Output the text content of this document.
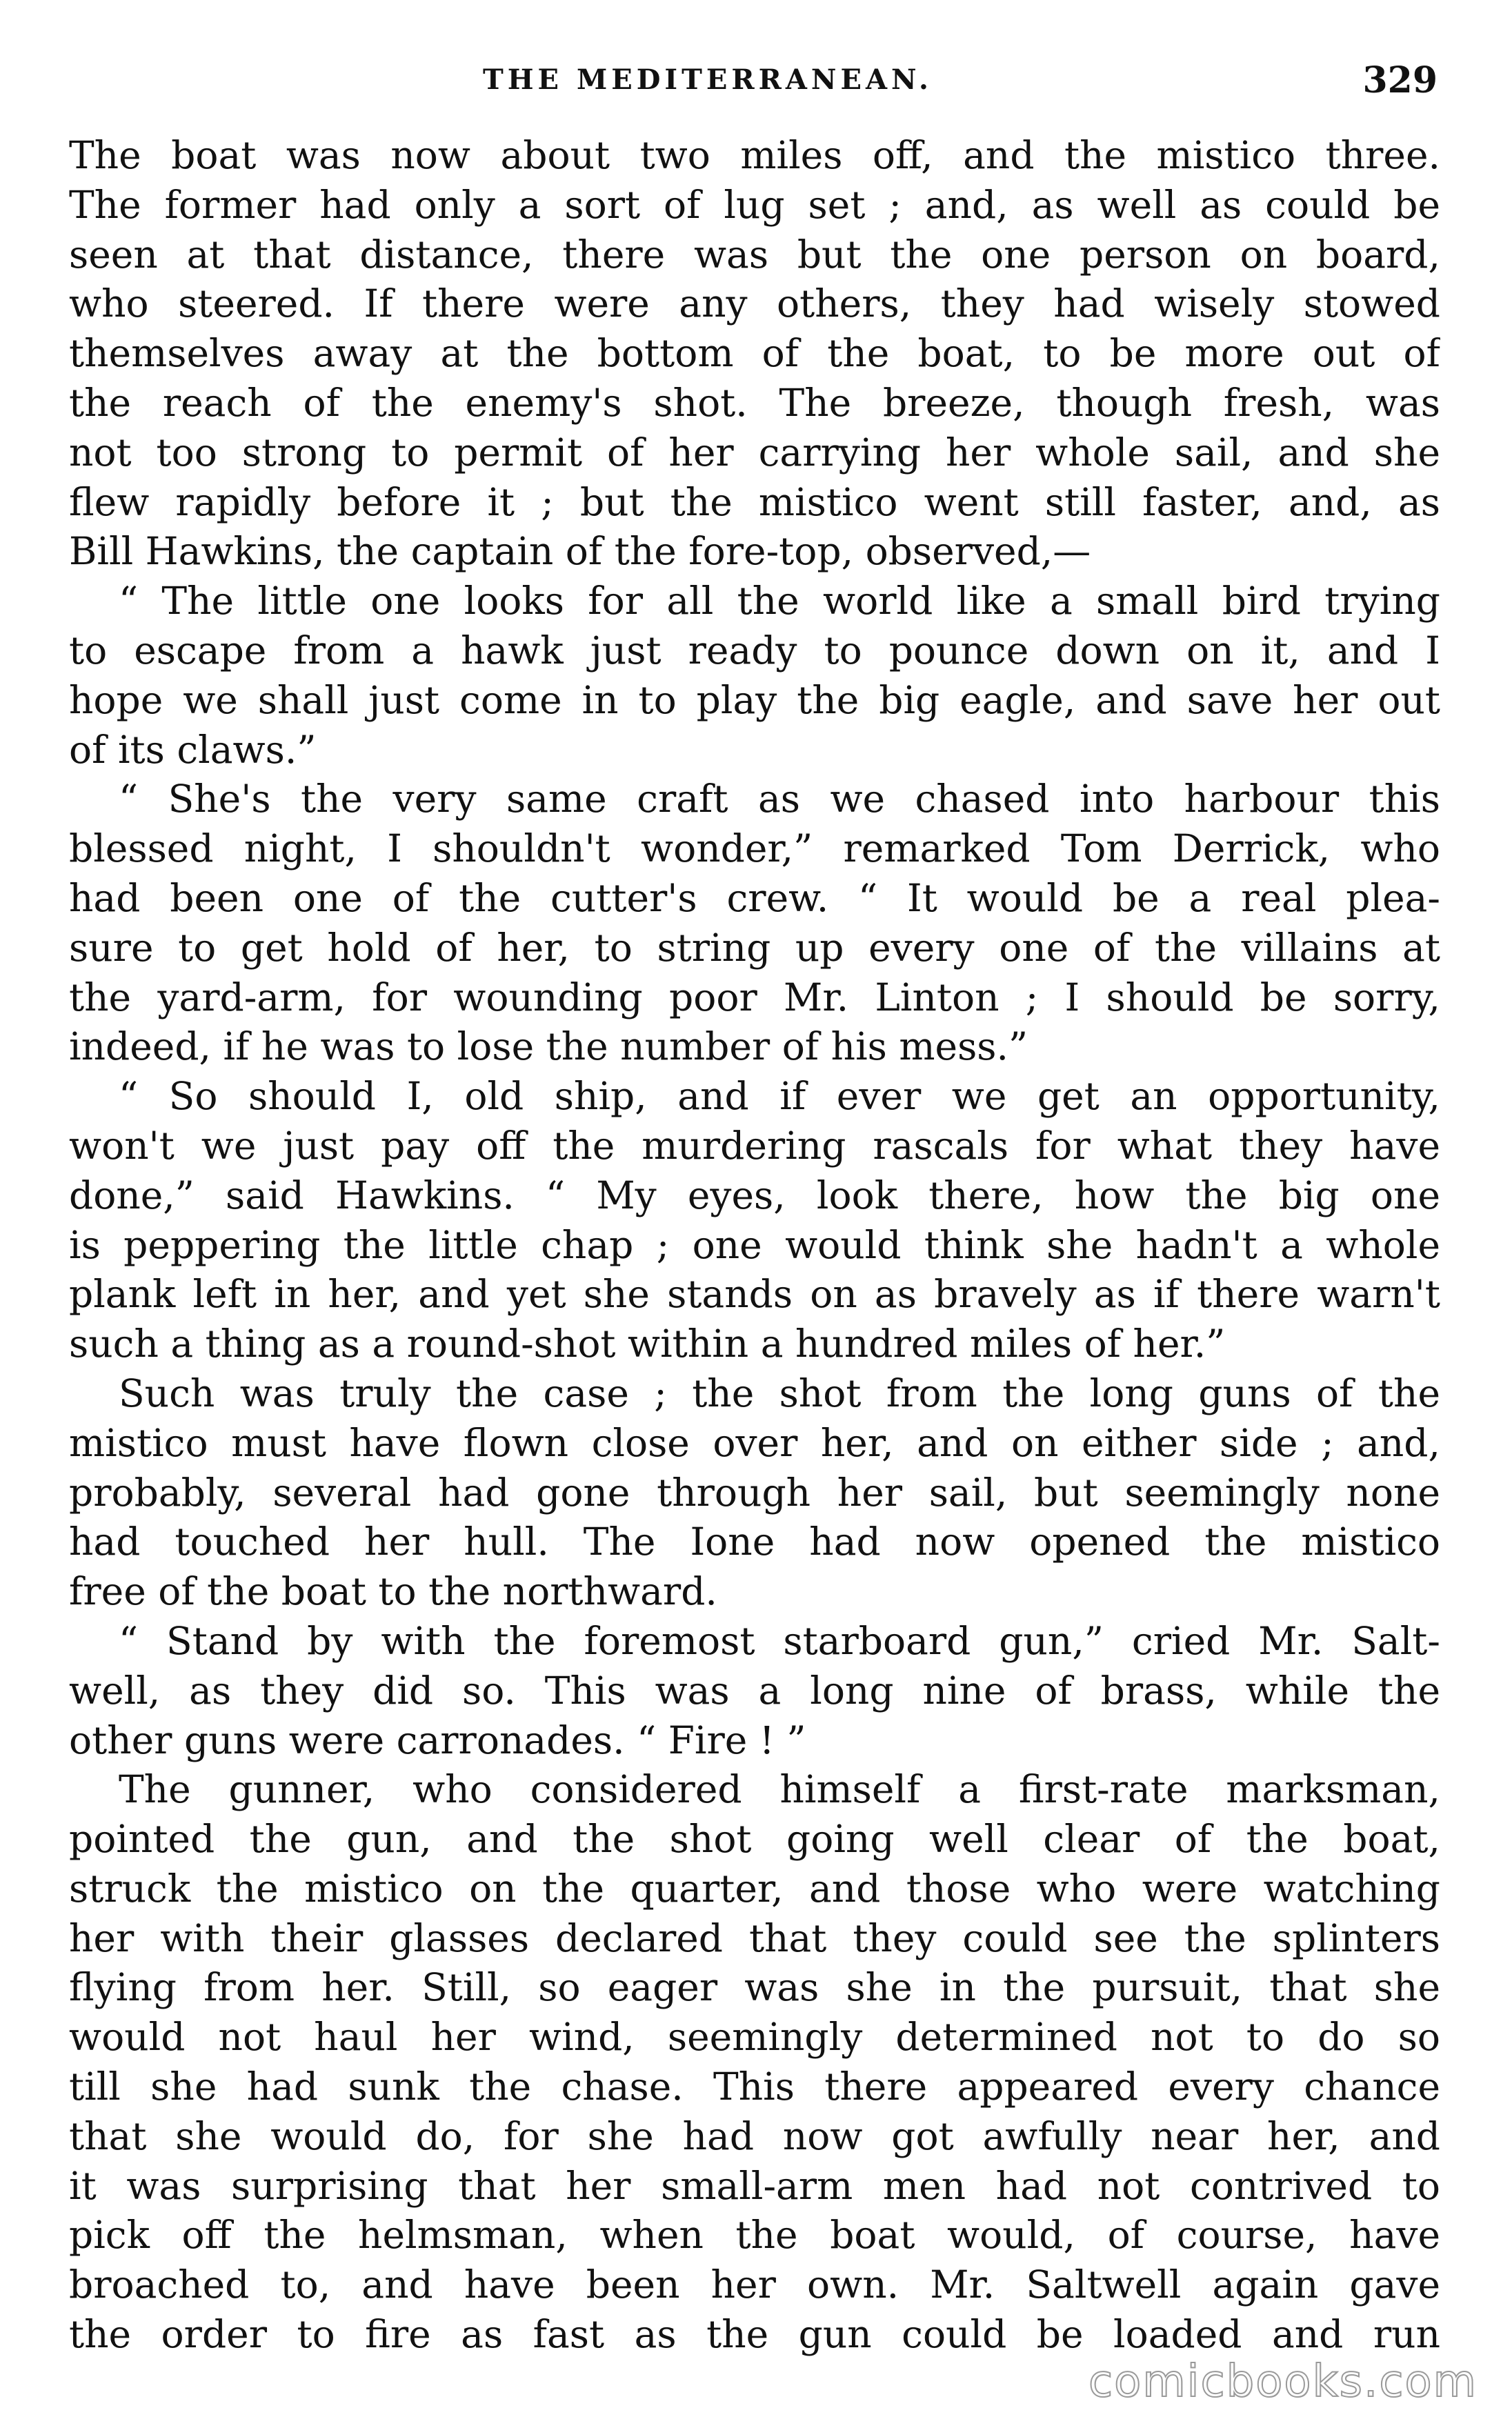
THE MEDITERRANEAN.	329
The boat was now about two miles off, and the mistico three.
The former had only a sort of lug set ; and, as well as could be
seen at that distance, there was but the one person on board,
who steered. If there were any others, they had wisely stowed
themselves away at the bottom of the boat, to be more out of
the reach of the enemy's shot. The breeze, though fresh, was
not too strong to permit of her carrying her whole sail, and she
flew rapidly before it ; but the mistico went still faster, and, as
Bill Hawkins, the captain of the fore-top, observed,—
“ The little one looks for all the world like a small bird trying
to escape from a hawk just ready to pounce down on it, and I
hope we shall just come in to play the big eagle, and save her out
of its claws.”
“ She's the very same craft as we chased into harbour this
blessed night, I shouldn't wonder,” remarked Tom Derrick, who
had been one of the cutter's crew. “ It would be a real plea-
sure to get hold of her, to string up every one of the villains at
the yard-arm, for wounding poor Mr. Linton ; I should be sorry,
indeed, if he was to lose the number of his mess.”
“ So should I, old ship, and if ever we get an opportunity,
won't we just pay off the murdering rascals for what they have
done,” said Hawkins. “ My eyes, look there, how the big one
is peppering the little chap ; one would think she hadn't a whole
plank left in her, and yet she stands on as bravely as if there warn't
such a thing as a round-shot within a hundred miles of her.”
Such was truly the case ; the shot from the long guns of the
mistico must have flown close over her, and on either side ; and,
probably, several had gone through her sail, but seemingly none
had touched her hull. The Ione had now opened the mistico
free of the boat to the northward.
“ Stand by with the foremost starboard gun,” cried Mr. Salt-
well, as they did so. This was a long nine of brass, while the
other guns were carronades. “ Fire ! ”
The gunner, who considered himself a first-rate marksman,
pointed the gun, and the shot going well clear of the boat,
struck the mistico on the quarter, and those who were watching
her with their glasses declared that they could see the splinters
flying from her. Still, so eager was she in the pursuit, that she
would not haul her wind, seemingly determined not to do so
till she had sunk the chase. This there appeared every chance
that she would do, for she had now got awfully near her, and
it was surprising that her small-arm men had not contrived to
pick off the helmsman, when the boat would, of course, have
broached to, and have been her own. Mr. Saltwell again gave
the order to fire as fast as the gun could be loaded and run
comicbooks.com
